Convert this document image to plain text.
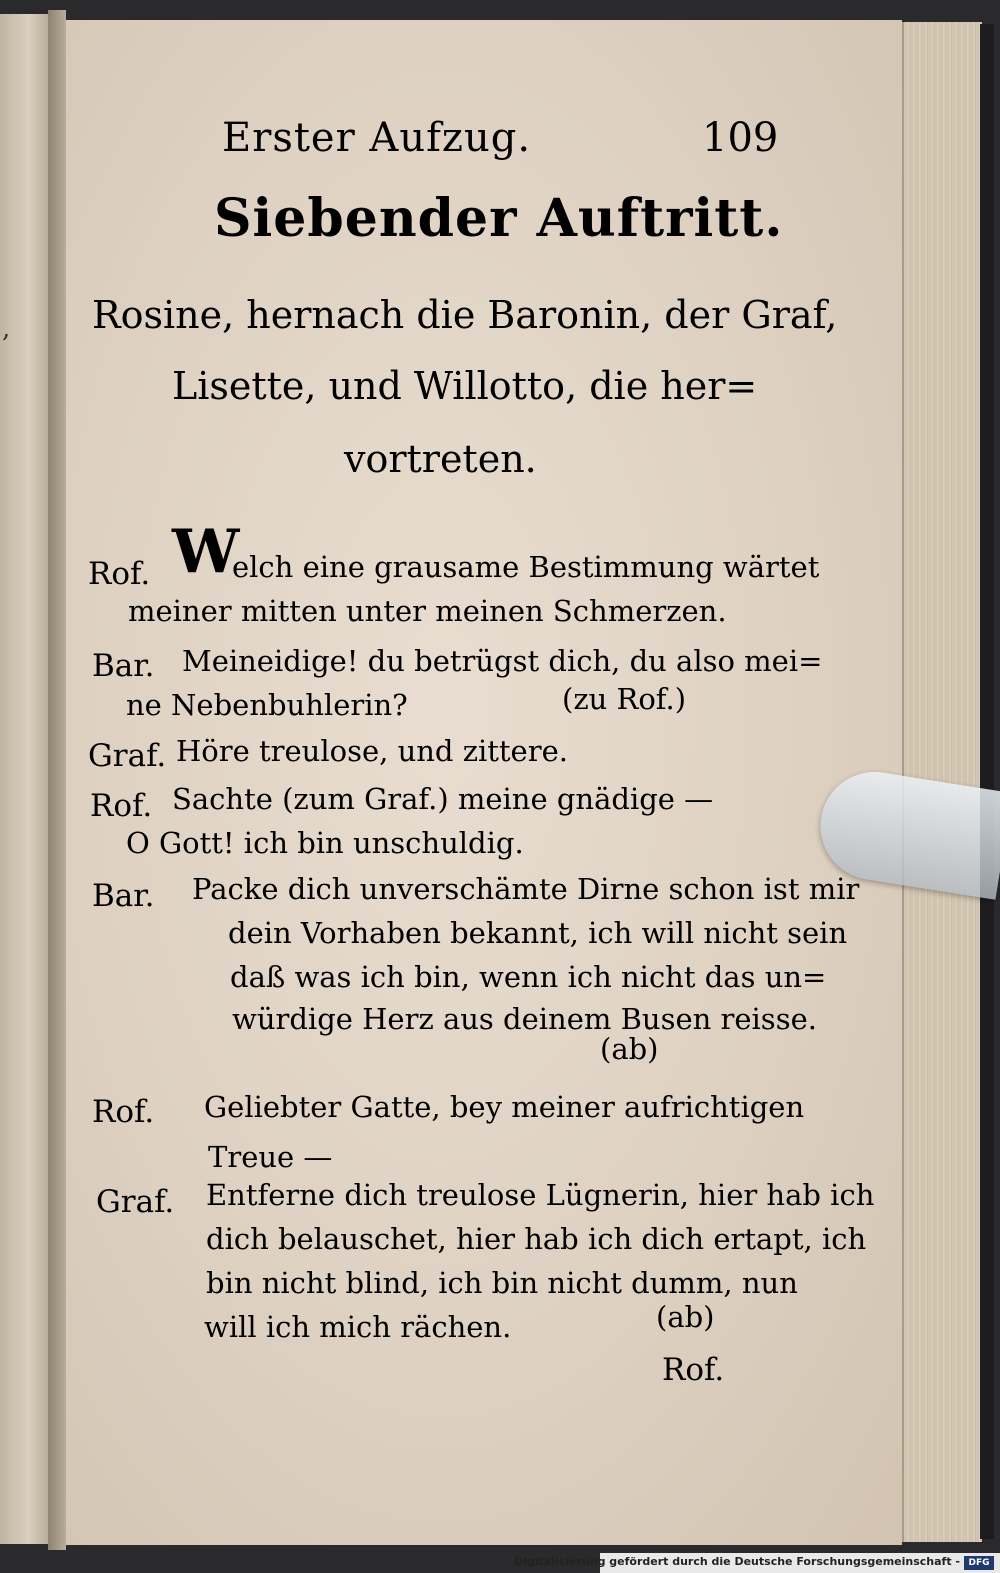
,
Erster Aufzug.	109
Siebender Auftritt.
Rosine, hernach die Baronin, der Graf,
Lisette, und Willotto, die her=
vortreten.
Rof. W
elch eine grausame Bestimmung wärtet
meiner mitten unter meinen Schmerzen.
Bar. Meineidige! du betrügst dich, du also mei=
ne Nebenbuhlerin?	(zu Rof.)
Graf. Höre treulose, und zittere.
Rof. Sachte (zum Graf.) meine gnädige —
O Gott! ich bin unschuldig.
Bar. Packe dich unverschämte Dirne schon ist mir
dein Vorhaben bekannt, ich will nicht sein
daß was ich bin, wenn ich nicht das un=
würdige Herz aus deinem Busen reisse.
(ab)
Rof. Geliebter Gatte, bey meiner aufrichtigen
Treue —
Graf. Entferne dich treulose Lügnerin, hier hab ich
dich belauschet, hier hab ich dich ertapt, ich
bin nicht blind, ich bin nicht dumm, nun
will ich mich rächen.	(ab)
Rof.
Digitalisierung gefördert durch die Deutsche Forschungsgemeinschaft - DFG
